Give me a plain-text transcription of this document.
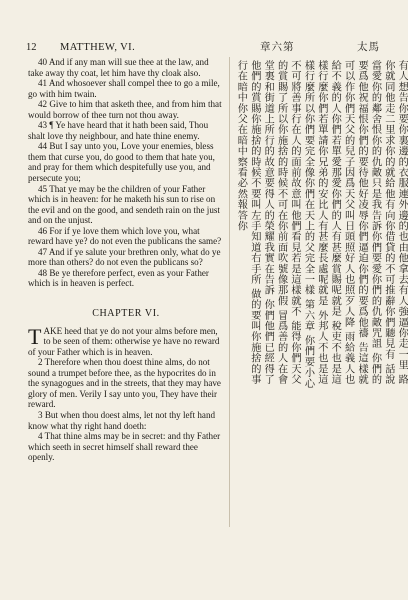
12 MATTHEW, VI.	章六第	太馬

40 And if any man will sue thee at the law, and take away thy coat, let him have thy cloak also.

41 And whosoever shall compel thee to go a mile, go with him twain.

42 Give to him that asketh thee, and from him that would borrow of thee turn not thou away.

43 ¶ Ye have heard that it hath been said, Thou shalt love thy neighbour, and hate thine enemy.

44 But I say unto you, Love your enemies, bless them that curse you, do good to them that hate you, and pray for them which despitefully use you, and persecute you;

45 That ye may be the children of your Father which is in heaven: for he maketh his sun to rise on the evil and on the good, and sendeth rain on the just and on the unjust.

46 For if ye love them which love you, what reward have ye? do not even the publicans the same?

47 And if ye salute your brethren only, what do ye more than others? do not even the publicans so?

48 Be ye therefore perfect, even as your Father which is in heaven is perfect.

CHAPTER VI.

TAKE heed that ye do not your alms before men, to be seen of them: otherwise ye have no reward of your Father which is in heaven.

2 Therefore when thou doest thine alms, do not sound a trumpet before thee, as the hypocrites do in the synagogues and in the streets, that they may have glory of men. Verily I say unto you, They have their reward.

3 But when thou doest alms, let not thy left hand know what thy right hand doeth:

4 That thine alms may be in secret: and thy Father which seeth in secret himself shall reward thee openly.

有人想告你要你裏邊的衣服連外邊的也由他拿去有人強逼你走一里 路你就同他走二里求你的就給他有向你借貸的不可推辭你們聽見有 話說當愛你的鄰舍恨你的仇敵只是我告訴你們要愛你們的仇敵咒詛 你們的要爲他祝福恨你們的要待他好凌辱你們逼迫你們的要爲他禱 告這樣就可以作你們天父的兒子因爲天父叫日頭照好人也照歹人降 雨給義人也給不義的人你們若單愛那愛你們的人有甚麼賞賜呢就是 稅吏不也是這樣行麼你們若單請你兄弟的安比人有甚麼長處呢就是 外邦人不也是這樣行麼所以你們要完全像你們在天上的父完全一樣 第六章 你們要小心不可將善事行在人的面前故意叫他們看見若是這樣就不 能得你們天父的賞賜了所以你施捨的時候不可在你前面吹號像那假 冒爲善的人在會堂裏和街道上所行的故意要得人的榮耀我實在告訴 你們他們已經得了他們的賞賜你施捨的時候不要叫左手知道右手所 做的要叫你施捨的事行在暗中你父在暗中察看必然報答你
